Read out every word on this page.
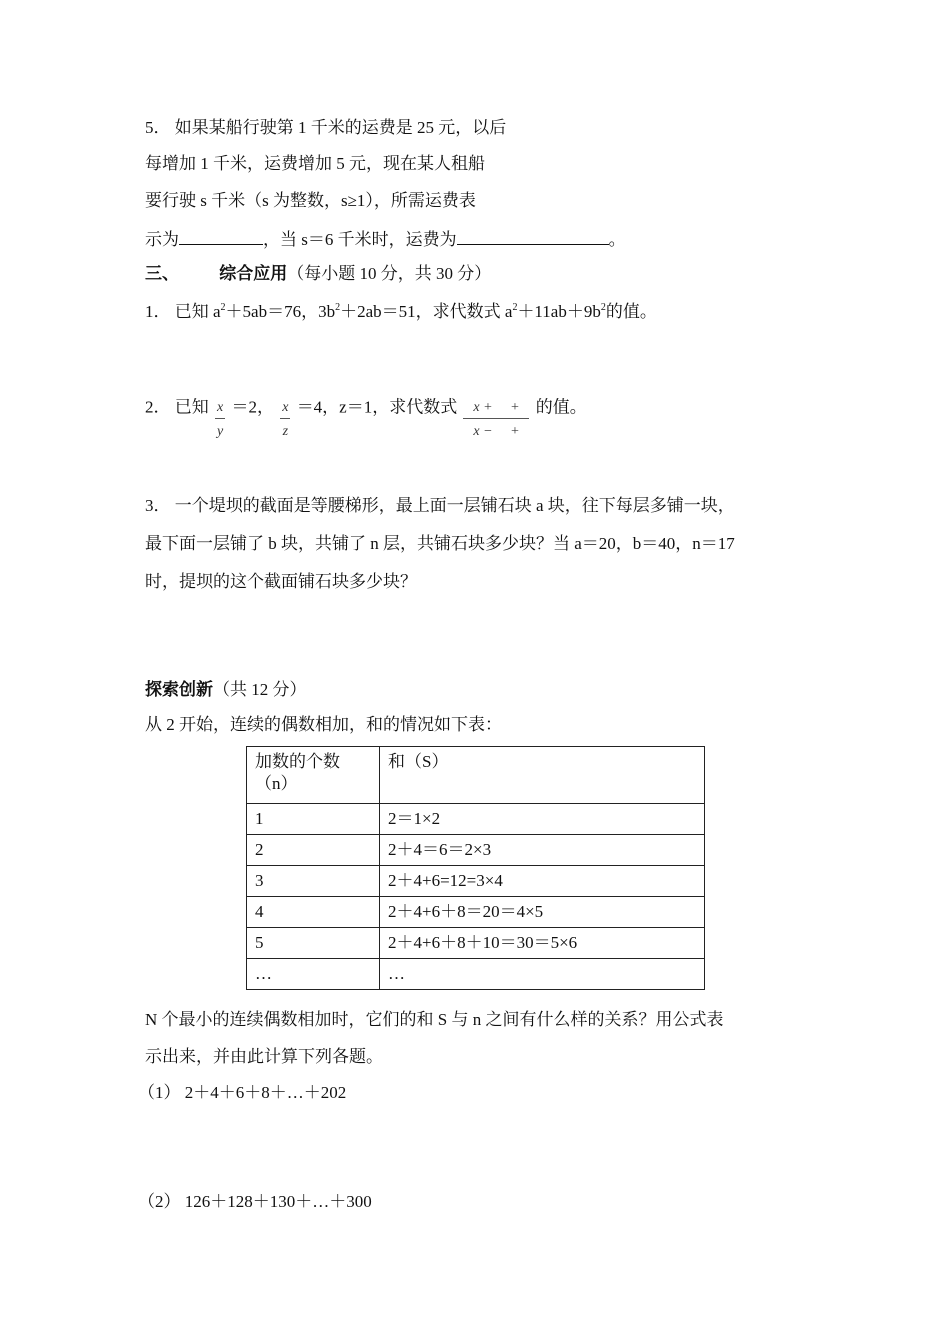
5． 如果某船行驶第 1 千米的运费是 25 元，以后
每增加 1 千米，运费增加 5 元，现在某人租船
要行驶 s 千米（s 为整数，s≥1），所需运费表
示为	，当 s＝6 千米时，运费为	。
三、 综合应用（每小题 10 分，共 30 分）
1． 已知 $a^2+5ab=76$，$3b^2+2ab=51$，求代数式 $a^2+11ab+9b^2$的值。
2． 已知 $\frac{x}{y} =2$， $\frac{x}{z} =4$，z＝1，求代数式 $\frac{x + +}{x - +}$ 的值。
3． 一个堤坝的截面是等腰梯形，最上面一层铺石块 a 块，往下每层多铺一块，
最下面一层铺了 b 块，共铺了 n 层，共铺石块多少块？当 a＝20，b＝40，n＝17
时，提坝的这个截面铺石块多少块？
探索创新（共 12 分）
从 2 开始，连续的偶数相加，和的情况如下表：
加数的个数
（n）	和（S）
1	2＝1×2
2	2＋4＝6＝2×3
3	2＋4+6=12=3×4
4	2＋4+6＋8＝20＝4×5
5	2＋4+6＋8＋10＝30＝5×6
…	…
N 个最小的连续偶数相加时，它们的和 S 与 n 之间有什么样的关系？用公式表
示出来，并由此计算下列各题。
（1） 2＋4＋6＋8＋…＋202
（2） 126＋128＋130＋…＋300
